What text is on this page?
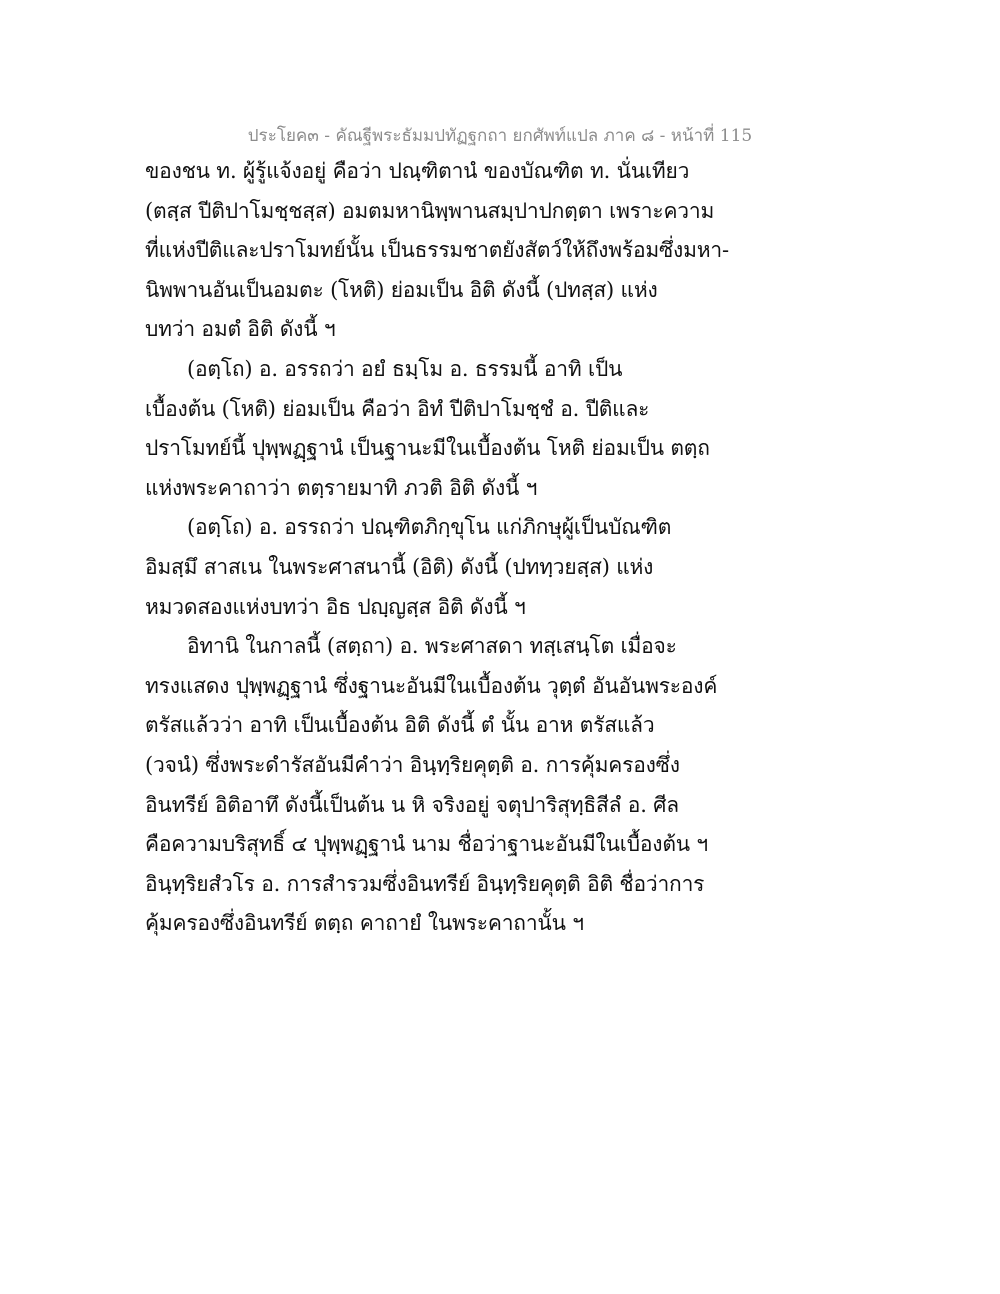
ประโยค๓ - คัณฐีพระธัมมปทัฏฐกถา ยกศัพท์แปล ภาค ๘ - หน้าที่ 115
ของชน ท. ผู้รู้แจ้งอยู่ คือว่า ปณฺฑิตานํ ของบัณฑิต ท. นั่นเทียว
(ตสฺส ปีติปาโมชฺชสฺส) อมตมหานิพฺพานสมฺปาปกตฺตา เพราะความ
ที่แห่งปีติและปราโมทย์นั้น เป็นธรรมชาตยังสัตว์ให้ถึงพร้อมซึ่งมหา-
นิพพานอันเป็นอมตะ (โหติ) ย่อมเป็น อิติ ดังนี้ (ปทสฺส) แห่ง
บทว่า อมตํ อิติ ดังนี้ ฯ
(อตฺโถ) อ. อรรถว่า อยํ ธมฺโม อ. ธรรมนี้ อาทิ เป็น
เบื้องต้น (โหติ) ย่อมเป็น คือว่า อิทํ ปีติปาโมชฺชํ อ. ปีติและ
ปราโมทย์นี้ ปุพฺพฏฺฐานํ เป็นฐานะมีในเบื้องต้น โหติ ย่อมเป็น ตตฺถ
แห่งพระคาถาว่า ตตฺรายมาทิ ภวติ อิติ ดังนี้ ฯ
(อตฺโถ) อ. อรรถว่า ปณฺฑิตภิกฺขุโน แก่ภิกษุผู้เป็นบัณฑิต
อิมสฺมึ สาสเน ในพระศาสนานี้ (อิติ) ดังนี้ (ปททฺวยสฺส) แห่ง
หมวดสองแห่งบทว่า อิธ ปญฺญสฺส อิติ ดังนี้ ฯ
อิทานิ ในกาลนี้ (สตฺถา) อ. พระศาสดา ทสฺเสนฺโต เมื่อจะ
ทรงแสดง ปุพฺพฏฺฐานํ ซึ่งฐานะอันมีในเบื้องต้น วุตฺตํ อันอันพระองค์
ตรัสแล้วว่า อาทิ เป็นเบื้องต้น อิติ ดังนี้ ตํ นั้น อาห ตรัสแล้ว
(วจนํ) ซึ่งพระดำรัสอันมีคำว่า อินฺทฺริยคุตฺติ อ. การคุ้มครองซึ่ง
อินทรีย์ อิติอาทึ ดังนี้เป็นต้น น หิ จริงอยู่ จตุปาริสุทฺธิสีลํ อ. ศีล
คือความบริสุทธิ์ ๔ ปุพฺพฏฺฐานํ นาม ชื่อว่าฐานะอันมีในเบื้องต้น ฯ
อินฺทฺริยสํวโร อ. การสำรวมซึ่งอินทรีย์ อินฺทฺริยคุตฺติ อิติ ชื่อว่าการ
คุ้มครองซึ่งอินทรีย์ ตตฺถ คาถายํ ในพระคาถานั้น ฯ
